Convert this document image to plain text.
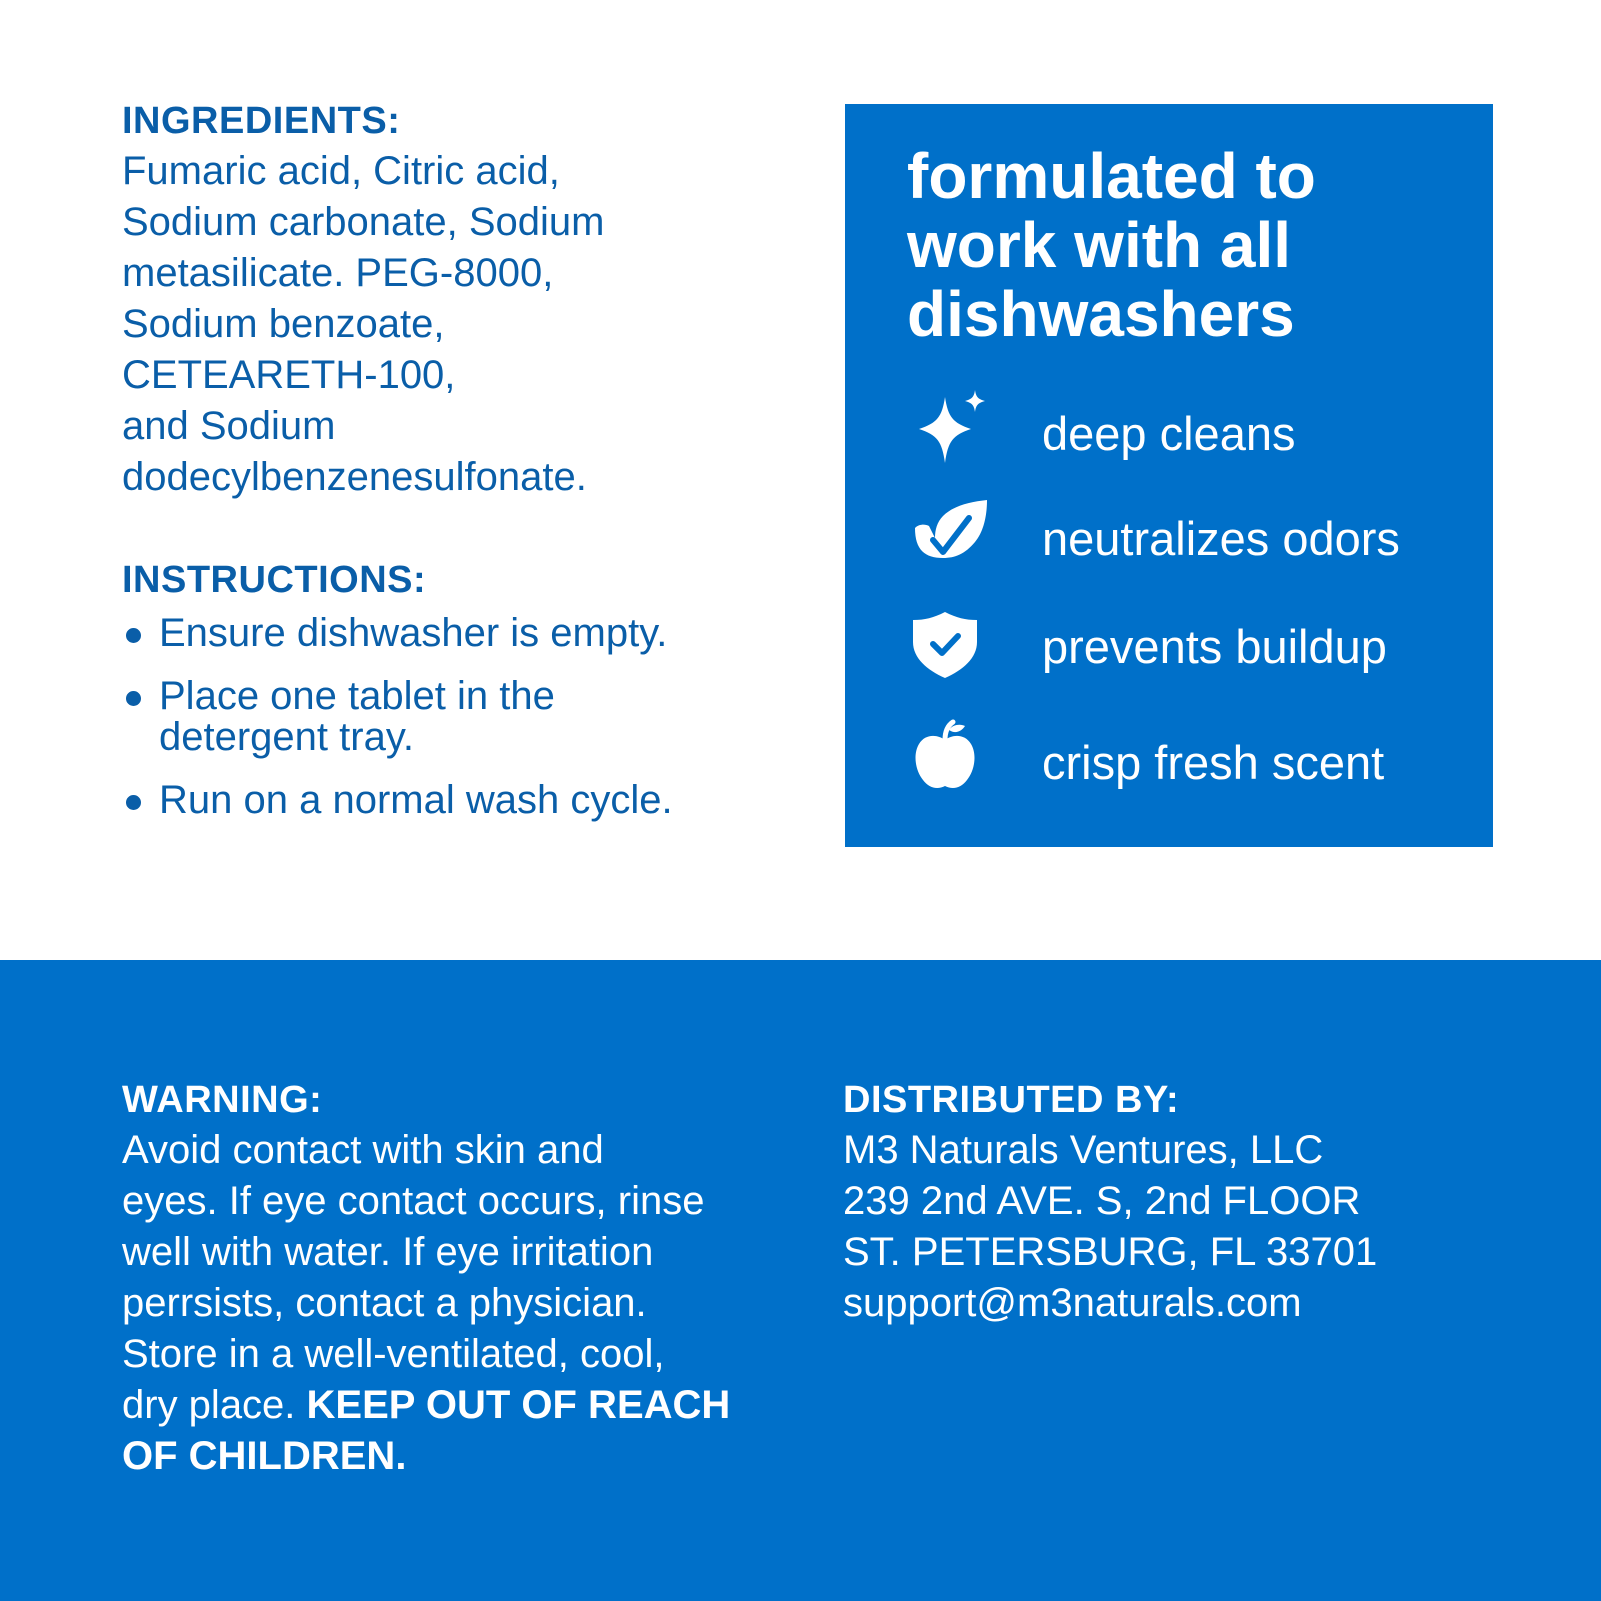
INGREDIENTS:
Fumaric acid, Citric acid,
Sodium carbonate, Sodium
metasilicate. PEG-8000,
Sodium benzoate,
CETEARETH-100,
and Sodium
dodecylbenzenesulfonate.
INSTRUCTIONS:
Ensure dishwasher is empty.
Place one tablet in the
detergent tray.
Run on a normal wash cycle.
formulated to
work with all
dishwashers
deep cleans
neutralizes odors
prevents buildup
crisp fresh scent
WARNING:
Avoid contact with skin and
eyes. If eye contact occurs, rinse
well with water. If eye irritation
perrsists, contact a physician.
Store in a well-ventilated, cool,
dry place. KEEP OUT OF REACH
OF CHILDREN.
DISTRIBUTED BY:
M3 Naturals Ventures, LLC
239 2nd AVE. S, 2nd FLOOR
ST. PETERSBURG, FL 33701
support@m3naturals.com
